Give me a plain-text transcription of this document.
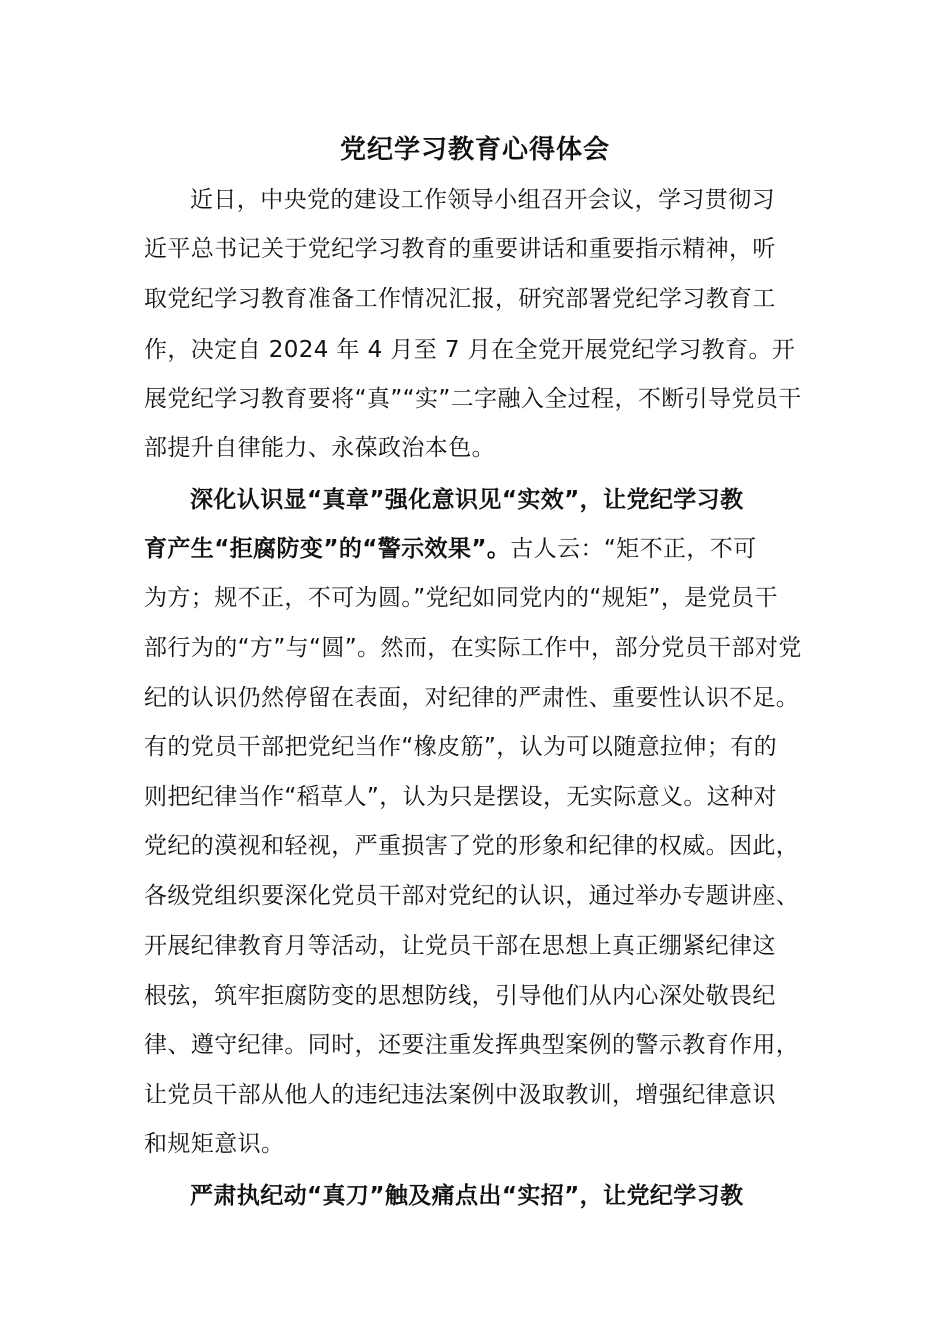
党纪学习教育心得体会
近日，中央党的建设工作领导小组召开会议，学习贯彻习
近平总书记关于党纪学习教育的重要讲话和重要指示精神，听
取党纪学习教育准备工作情况汇报，研究部署党纪学习教育工
作，决定自 2024 年 4 月至 7 月在全党开展党纪学习教育。开
展党纪学习教育要将“真”“实”二字融入全过程，不断引导党员干
部提升自律能力、永葆政治本色。
深化认识显“真章”强化意识见“实效”，让党纪学习教
育产生“拒腐防变”的“警示效果”。古人云：“矩不正，不可
为方；规不正，不可为圆。”党纪如同党内的“规矩”，是党员干
部行为的“方”与“圆”。然而，在实际工作中，部分党员干部对党
纪的认识仍然停留在表面，对纪律的严肃性、重要性认识不足。
有的党员干部把党纪当作“橡皮筋”，认为可以随意拉伸；有的
则把纪律当作“稻草人”，认为只是摆设，无实际意义。这种对
党纪的漠视和轻视，严重损害了党的形象和纪律的权威。因此，
各级党组织要深化党员干部对党纪的认识，通过举办专题讲座、
开展纪律教育月等活动，让党员干部在思想上真正绷紧纪律这
根弦，筑牢拒腐防变的思想防线，引导他们从内心深处敬畏纪
律、遵守纪律。同时，还要注重发挥典型案例的警示教育作用，
让党员干部从他人的违纪违法案例中汲取教训，增强纪律意识
和规矩意识。
严肃执纪动“真刀”触及痛点出“实招”，让党纪学习教
